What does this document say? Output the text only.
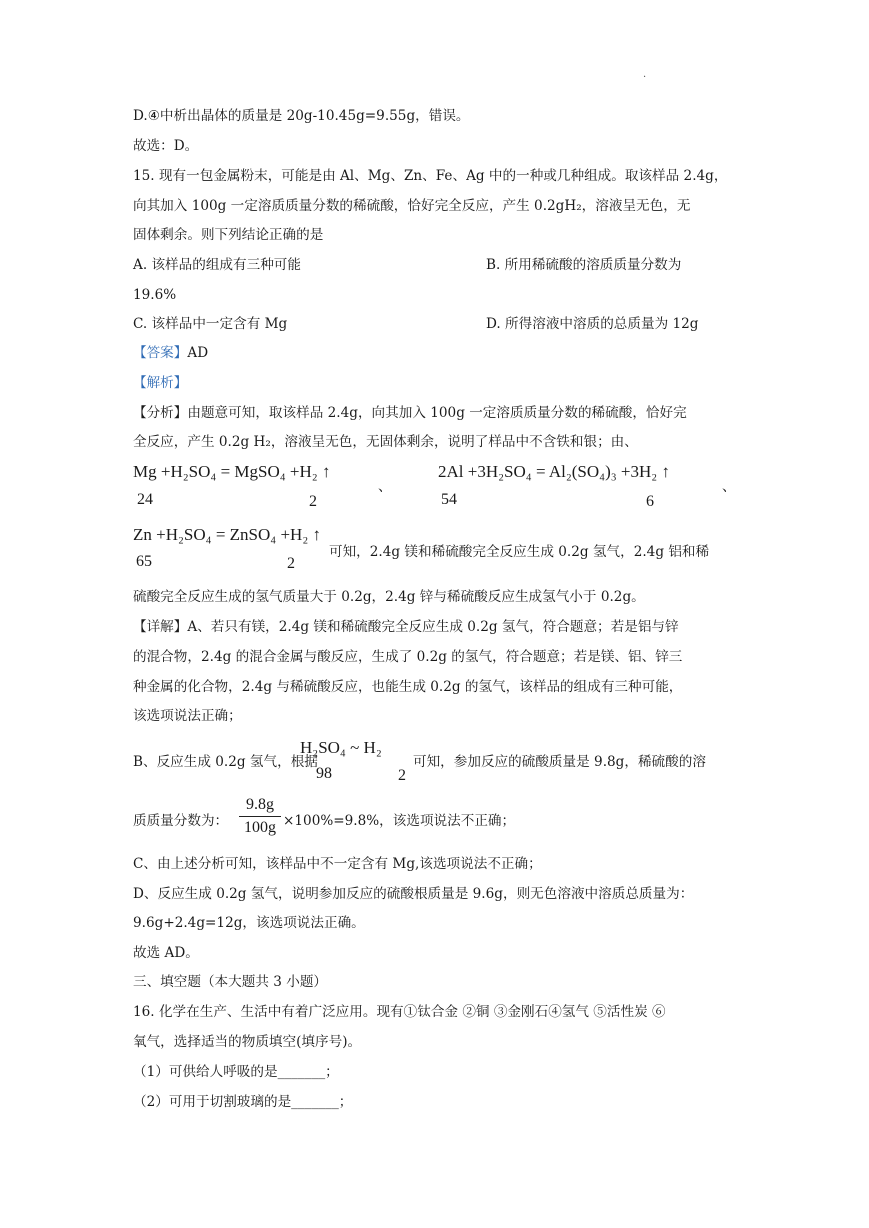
·
D.④中析出晶体的质量是 20g-10.45g=9.55g，错误。
故选：D。
15. 现有一包金属粉末，可能是由 Al、Mg、Zn、Fe、Ag 中的一种或几种组成。取该样品 2.4g，
向其加入 100g 一定溶质质量分数的稀硫酸，恰好完全反应，产生 0.2gH₂，溶液呈无色，无
固体剩余。则下列结论正确的是
A. 该样品的组成有三种可能	B. 所用稀硫酸的溶质质量分数为
19.6%
C. 该样品中一定含有 Mg	D. 所得溶液中溶质的总质量为 12g
【答案】AD
【解析】
【分析】由题意可知，取该样品 2.4g，向其加入 100g 一定溶质质量分数的稀硫酸，恰好完
全反应，产生 0.2g H₂，溶液呈无色，无固体剩余，说明了样品中不含铁和银；由、
Mg +H₂SO₄ = MgSO₄ +H₂ ↑
24	2
、
2Al +3H₂SO₄ = Al₂(SO₄)₃ +3H₂ ↑
54	6
、
Zn +H₂SO₄ = ZnSO₄ +H₂ ↑
65	2
可知，2.4g 镁和稀硫酸完全反应生成 0.2g 氢气，2.4g 铝和稀
硫酸完全反应生成的氢气质量大于 0.2g，2.4g 锌与稀硫酸反应生成氢气小于 0.2g。
【详解】A、若只有镁，2.4g 镁和稀硫酸完全反应生成 0.2g 氢气，符合题意；若是铝与锌
的混合物，2.4g 的混合金属与酸反应，生成了 0.2g 的氢气，符合题意；若是镁、铝、锌三
种金属的化合物，2.4g 与稀硫酸反应，也能生成 0.2g 的氢气，该样品的组成有三种可能，
该选项说法正确；
B、反应生成 0.2g 氢气，根据
H₂SO₄ ~ H₂
98	2
可知，参加反应的硫酸质量是 9.8g，稀硫酸的溶
质质量分数为：
9.8g
100g ×100%=9.8%，该选项说法不正确；
C、由上述分析可知，该样品中不一定含有 Mg,该选项说法不正确；
D、反应生成 0.2g 氢气，说明参加反应的硫酸根质量是 9.6g，则无色溶液中溶质总质量为：
9.6g+2.4g=12g，该选项说法正确。
故选 AD。
三、填空题（本大题共 3 小题）
16. 化学在生产、生活中有着广泛应用。现有①钛合金 ②铜 ③金刚石④氢气 ⑤活性炭 ⑥
氧气，选择适当的物质填空(填序号)。
（1）可供给人呼吸的是_______；
（2）可用于切割玻璃的是_______；
